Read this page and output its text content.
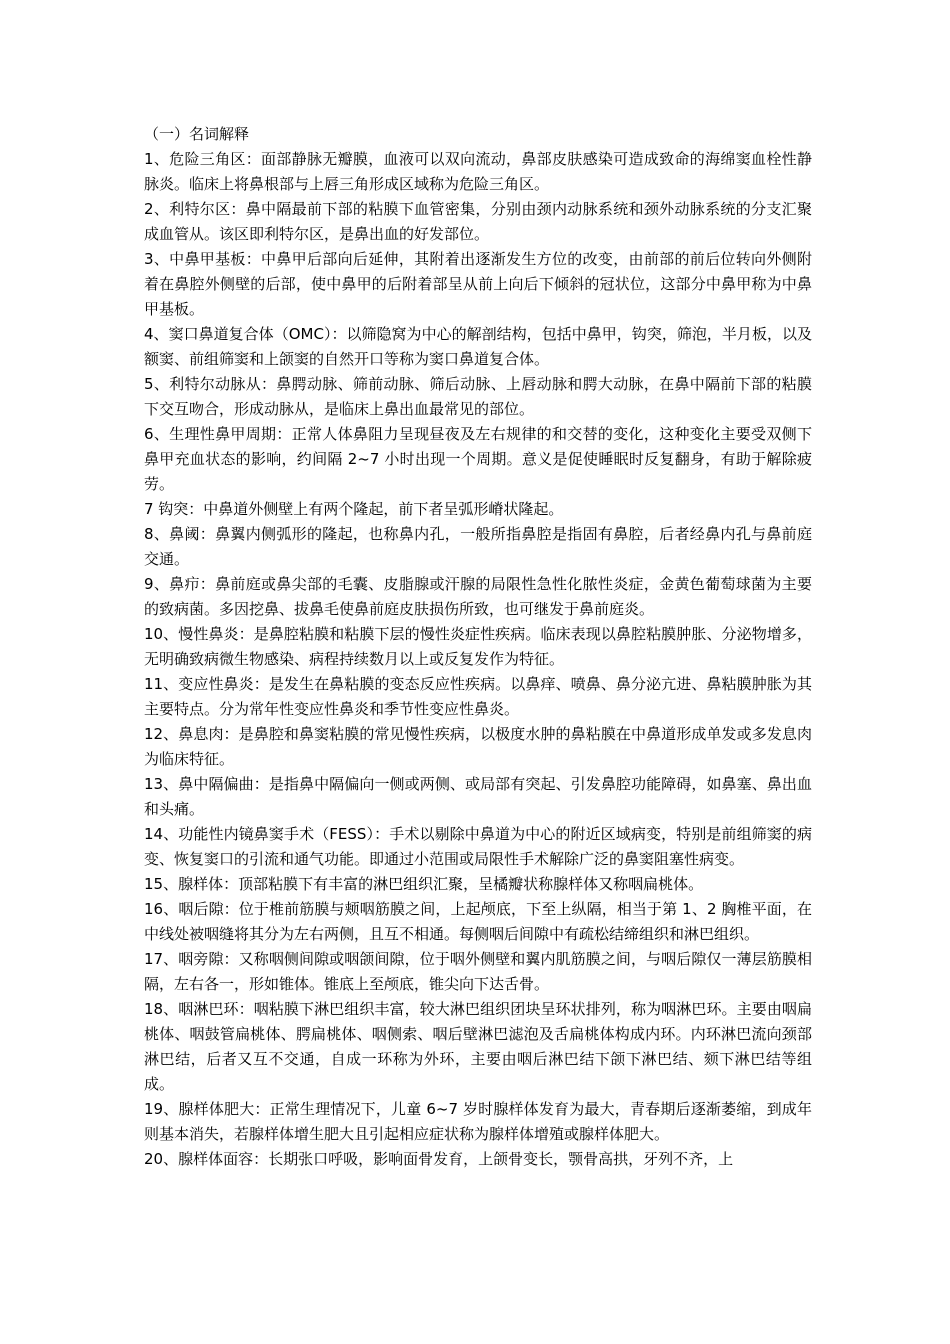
（一）名词解释

1、危险三角区：面部静脉无瓣膜，血液可以双向流动，鼻部皮肤感染可造成致命的海绵窦血栓性静脉炎。临床上将鼻根部与上唇三角形成区域称为危险三角区。

2、利特尔区：鼻中隔最前下部的粘膜下血管密集，分别由颈内动脉系统和颈外动脉系统的分支汇聚成血管从。该区即利特尔区，是鼻出血的好发部位。

3、中鼻甲基板：中鼻甲后部向后延伸，其附着出逐渐发生方位的改变，由前部的前后位转向外侧附着在鼻腔外侧壁的后部，使中鼻甲的后附着部呈从前上向后下倾斜的冠状位，这部分中鼻甲称为中鼻甲基板。

4、窦口鼻道复合体（OMC）：以筛隐窝为中心的解剖结构，包括中鼻甲，钩突，筛泡，半月板，以及额窦、前组筛窦和上颌窦的自然开口等称为窦口鼻道复合体。

5、利特尔动脉从：鼻腭动脉、筛前动脉、筛后动脉、上唇动脉和腭大动脉，在鼻中隔前下部的粘膜下交互吻合，形成动脉从，是临床上鼻出血最常见的部位。

6、生理性鼻甲周期：正常人体鼻阻力呈现昼夜及左右规律的和交替的变化，这种变化主要受双侧下鼻甲充血状态的影响，约间隔 2~7 小时出现一个周期。意义是促使睡眠时反复翻身，有助于解除疲劳。

7 钩突：中鼻道外侧壁上有两个隆起，前下者呈弧形嵴状隆起。

8、鼻阈：鼻翼内侧弧形的隆起，也称鼻内孔，一般所指鼻腔是指固有鼻腔，后者经鼻内孔与鼻前庭交通。

9、鼻疖：鼻前庭或鼻尖部的毛囊、皮脂腺或汗腺的局限性急性化脓性炎症，金黄色葡萄球菌为主要的致病菌。多因挖鼻、拔鼻毛使鼻前庭皮肤损伤所致，也可继发于鼻前庭炎。

10、慢性鼻炎：是鼻腔粘膜和粘膜下层的慢性炎症性疾病。临床表现以鼻腔粘膜肿胀、分泌物增多，无明确致病微生物感染、病程持续数月以上或反复发作为特征。

11、变应性鼻炎：是发生在鼻粘膜的变态反应性疾病。以鼻痒、喷鼻、鼻分泌亢进、鼻粘膜肿胀为其主要特点。分为常年性变应性鼻炎和季节性变应性鼻炎。

12、鼻息肉：是鼻腔和鼻窦粘膜的常见慢性疾病，以极度水肿的鼻粘膜在中鼻道形成单发或多发息肉为临床特征。

13、鼻中隔偏曲：是指鼻中隔偏向一侧或两侧、或局部有突起、引发鼻腔功能障碍，如鼻塞、鼻出血和头痛。

14、功能性内镜鼻窦手术（FESS）：手术以剔除中鼻道为中心的附近区域病变，特别是前组筛窦的病变、恢复窦口的引流和通气功能。即通过小范围或局限性手术解除广泛的鼻窦阻塞性病变。

15、腺样体：顶部粘膜下有丰富的淋巴组织汇聚，呈橘瓣状称腺样体又称咽扁桃体。

16、咽后隙：位于椎前筋膜与颊咽筋膜之间，上起颅底，下至上纵隔，相当于第 1、2 胸椎平面，在中线处被咽缝将其分为左右两侧，且互不相通。每侧咽后间隙中有疏松结缔组织和淋巴组织。

17、咽旁隙：又称咽侧间隙或咽颌间隙，位于咽外侧壁和翼内肌筋膜之间，与咽后隙仅一薄层筋膜相隔，左右各一，形如锥体。锥底上至颅底，锥尖向下达舌骨。

18、咽淋巴环：咽粘膜下淋巴组织丰富，较大淋巴组织团块呈环状排列，称为咽淋巴环。主要由咽扁桃体、咽鼓管扁桃体、腭扁桃体、咽侧索、咽后壁淋巴滤泡及舌扁桃体构成内环。内环淋巴流向颈部淋巴结，后者又互不交通，自成一环称为外环，主要由咽后淋巴结下颌下淋巴结、颏下淋巴结等组成。

19、腺样体肥大：正常生理情况下，儿童 6~7 岁时腺样体发育为最大，青春期后逐渐萎缩，到成年则基本消失，若腺样体增生肥大且引起相应症状称为腺样体增殖或腺样体肥大。

20、腺样体面容：长期张口呼吸，影响面骨发育，上颌骨变长，颚骨高拱，牙列不齐，上
